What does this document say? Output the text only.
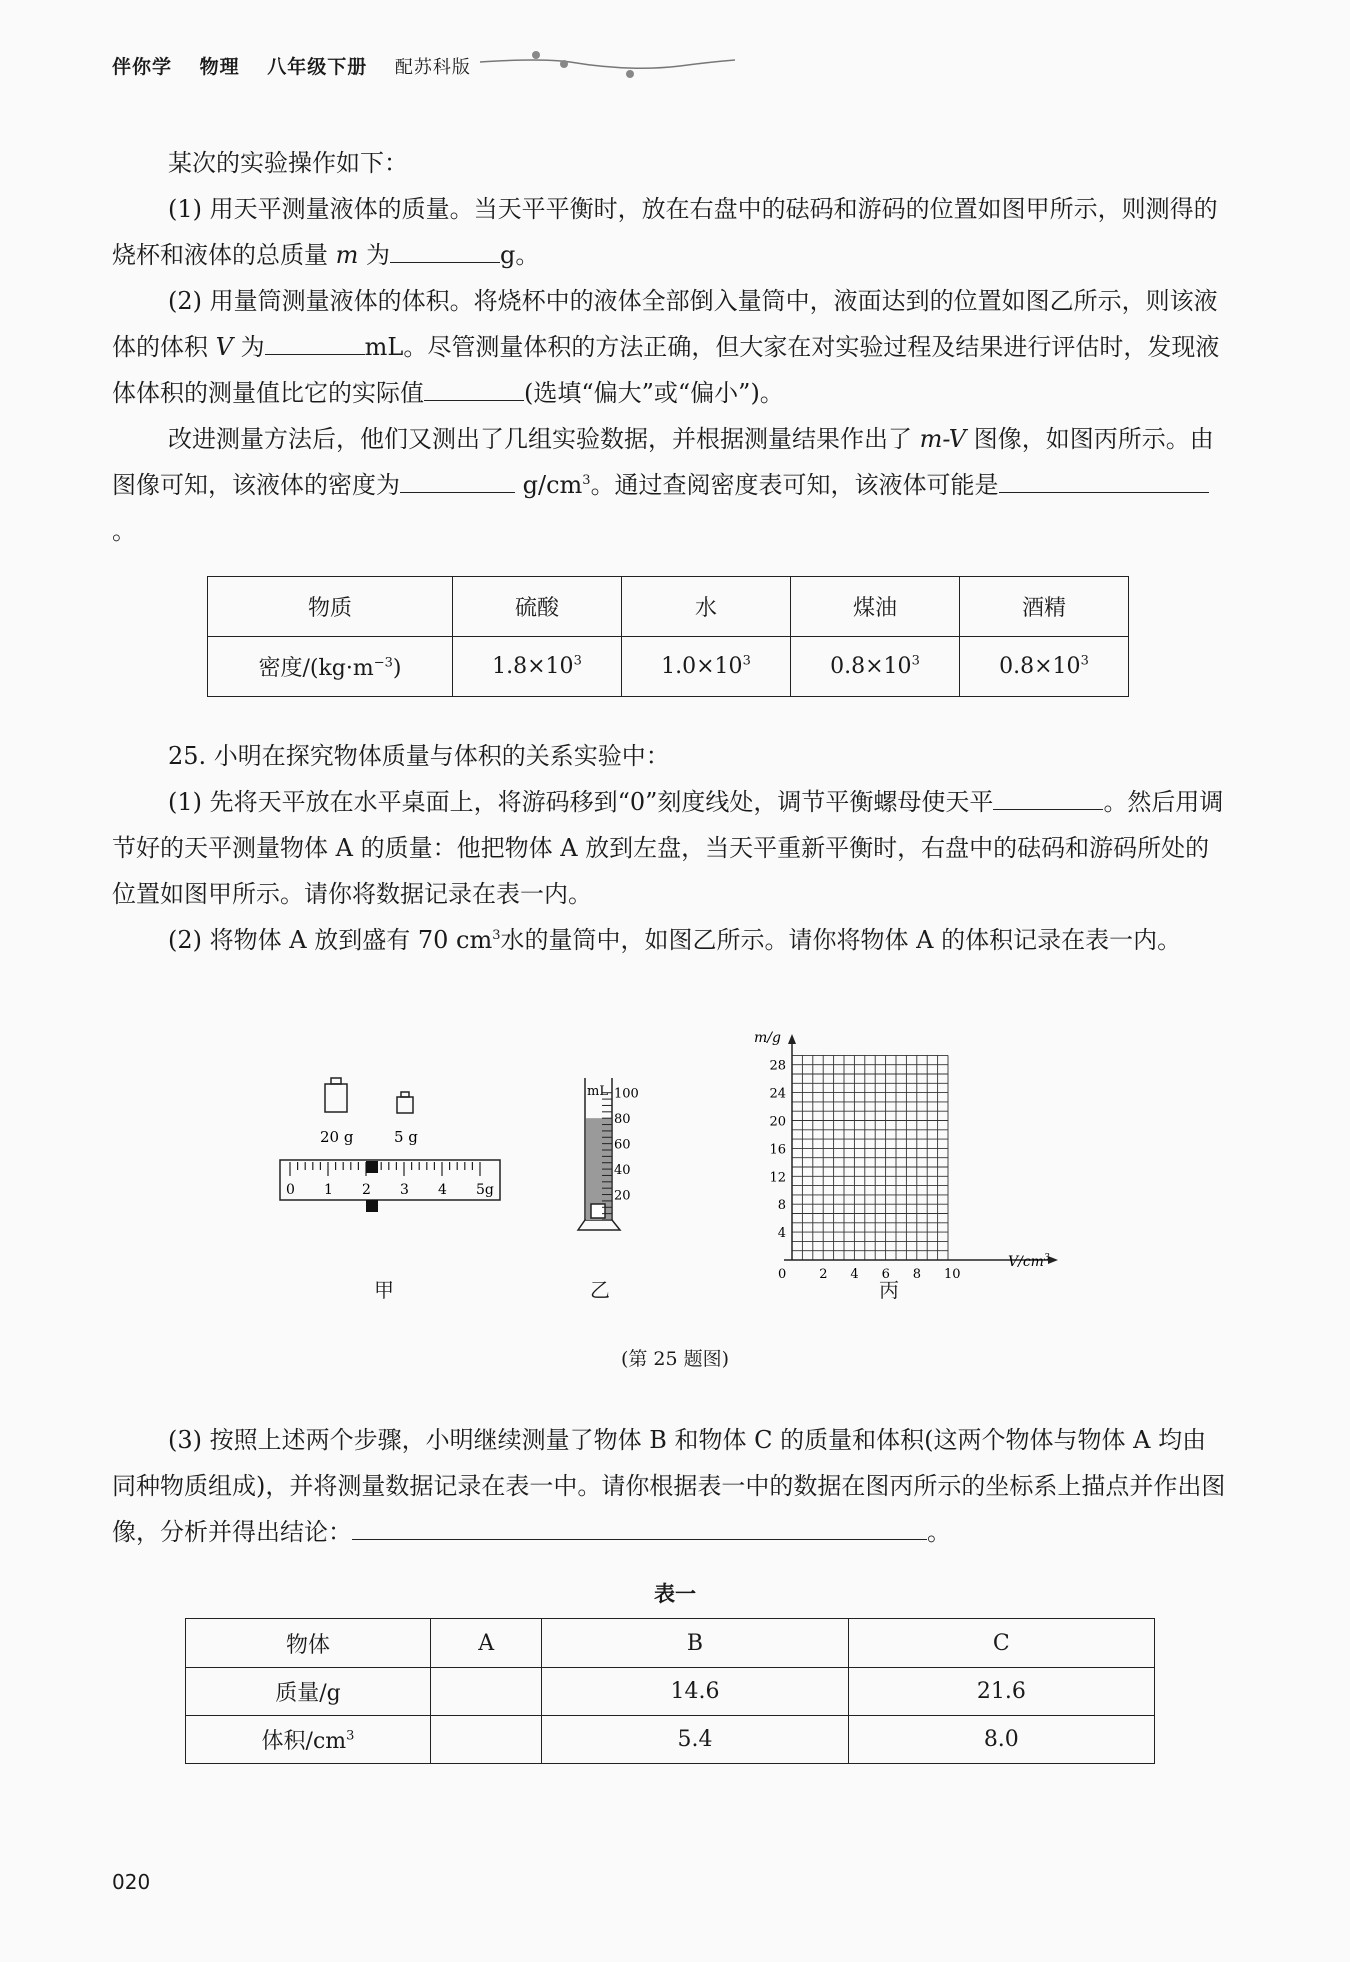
伴你学 物理 八年级下册 配苏科版
某次的实验操作如下：
(1) 用天平测量液体的质量。当天平平衡时，放在右盘中的砝码和游码的位置如图甲所示，则测得的烧杯和液体的总质量 m 为	g。
(2) 用量筒测量液体的体积。将烧杯中的液体全部倒入量筒中，液面达到的位置如图乙所示，则该液体的体积 V 为	mL。尽管测量体积的方法正确，但大家在对实验过程及结果进行评估时，发现液体体积的测量值比它的实际值	(选填“偏大”或“偏小”)。
改进测量方法后，他们又测出了几组实验数据，并根据测量结果作出了 m-V 图像，如图丙所示。由图像可知，该液体的密度为	$g/cm^3$。通过查阅密度表可知，该液体可能是。
物质	硫酸	水	煤油	酒精
密度$/(kg\cdot m^{-3})$	$1.8\times 10^3$	$1.0\times 10^3$	$0.8\times 10^3$	$0.8\times 10^3$
25. 小明在探究物体质量与体积的关系实验中：
(1) 先将天平放在水平桌面上，将游码移到“0”刻度线处，调节平衡螺母使天平	。然后用调节好的天平测量物体 A 的质量：他把物体 A 放到左盘，当天平重新平衡时，右盘中的砝码和游码所处的位置如图甲所示。请你将数据记录在表一内。
(2) 将物体 A 放到盛有 70 $cm^3$水的量筒中，如图乙所示。请你将物体 A 的体积记录在表一内。
20 g	5 g
0 1 2 3 4 5g
mL 100
80
60
40
20
m/g
28
24
20
16
12
8
4
0	2 4 6 8 10
$V/cm^3$
甲	乙	丙
(第 25 题图)
(3) 按照上述两个步骤，小明继续测量了物体 B 和物体 C 的质量和体积(这两个物体与物体 A 均由同种物质组成)，并将测量数据记录在表一中。请你根据表一中的数据在图丙所示的坐标系上描点并作出图像，分析并得出结论：	。
表一
物体	A	B	C
质量/g		14.6	21.6
体积$/cm^3$		5.4	8.0
020
